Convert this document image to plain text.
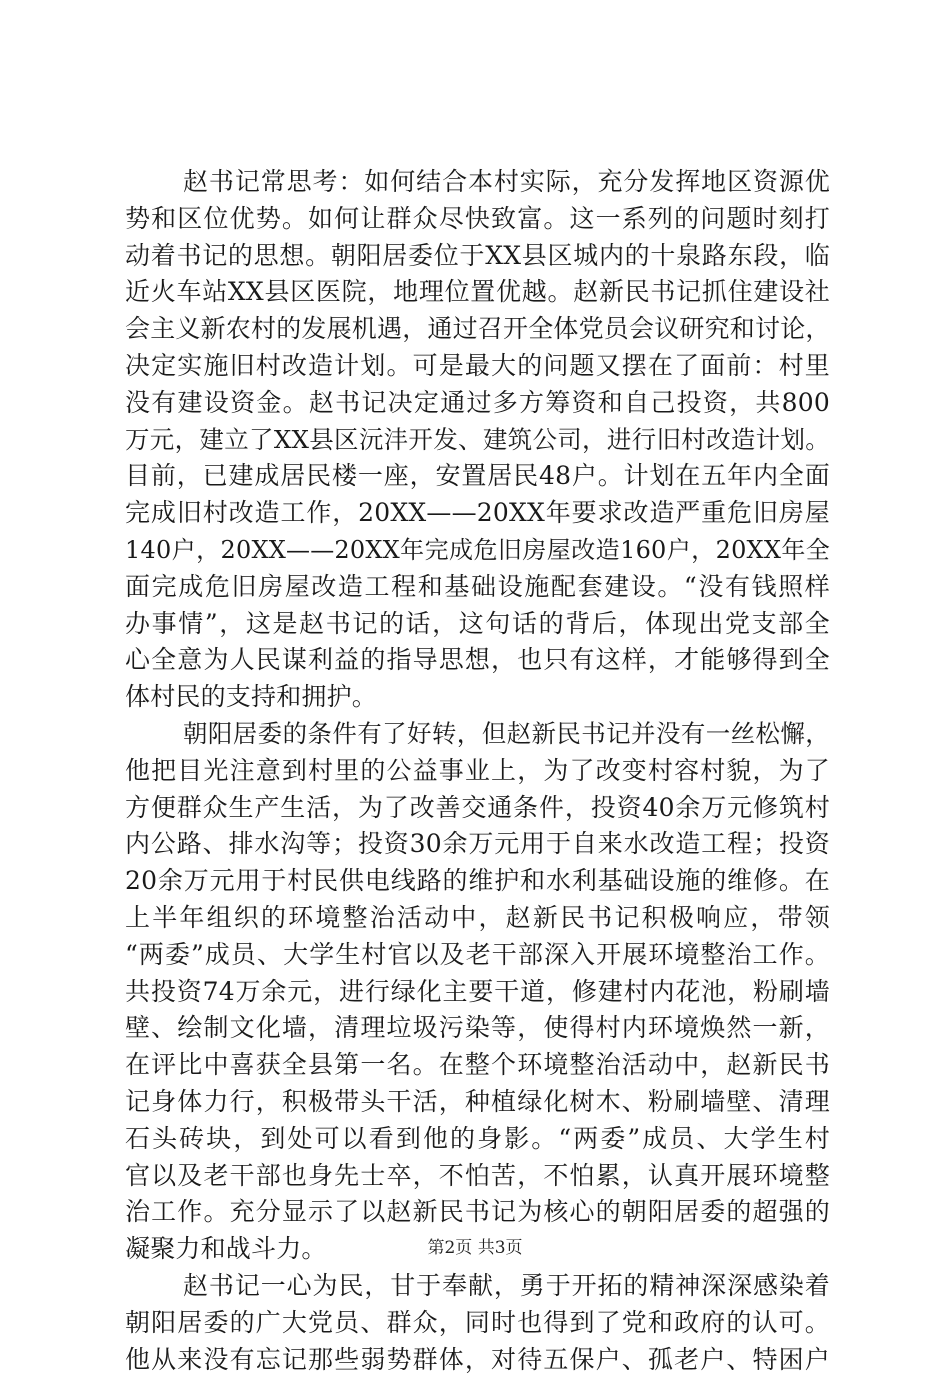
赵书记常思考：如何结合本村实际，充分发挥地区资源优
势和区位优势。如何让群众尽快致富。这一系列的问题时刻打
动着书记的思想。朝阳居委位于XX县区城内的十泉路东段，临
近火车站XX县区医院，地理位置优越。赵新民书记抓住建设社
会主义新农村的发展机遇，通过召开全体党员会议研究和讨论，
决定实施旧村改造计划。可是最大的问题又摆在了面前：村里
没有建设资金。赵书记决定通过多方筹资和自己投资，共800
万元，建立了XX县区沅沣开发、建筑公司，进行旧村改造计划。
目前，已建成居民楼一座，安置居民48户。计划在五年内全面
完成旧村改造工作，20XX——20XX年要求改造严重危旧房屋
140户，20XX——20XX年完成危旧房屋改造160户，20XX年全
面完成危旧房屋改造工程和基础设施配套建设。“没有钱照样
办事情”，这是赵书记的话，这句话的背后，体现出党支部全
心全意为人民谋利益的指导思想，也只有这样，才能够得到全
体村民的支持和拥护。
朝阳居委的条件有了好转，但赵新民书记并没有一丝松懈，
他把目光注意到村里的公益事业上，为了改变村容村貌，为了
方便群众生产生活，为了改善交通条件，投资40余万元修筑村
内公路、排水沟等；投资30余万元用于自来水改造工程；投资
20余万元用于村民供电线路的维护和水利基础设施的维修。在
上半年组织的环境整治活动中，赵新民书记积极响应，带领
“两委”成员、大学生村官以及老干部深入开展环境整治工作。
共投资74万余元，进行绿化主要干道，修建村内花池，粉刷墙
壁、绘制文化墙，清理垃圾污染等，使得村内环境焕然一新，
在评比中喜获全县第一名。在整个环境整治活动中，赵新民书
记身体力行，积极带头干活，种植绿化树木、粉刷墙壁、清理
石头砖块，到处可以看到他的身影。“两委”成员、大学生村
官以及老干部也身先士卒，不怕苦，不怕累，认真开展环境整
治工作。充分显示了以赵新民书记为核心的朝阳居委的超强的
凝聚力和战斗力。
赵书记一心为民，甘于奉献，勇于开拓的精神深深感染着
朝阳居委的广大党员、群众，同时也得到了党和政府的认可。
他从来没有忘记那些弱势群体，对待五保户、孤老户、特困户
第2页 共3页
